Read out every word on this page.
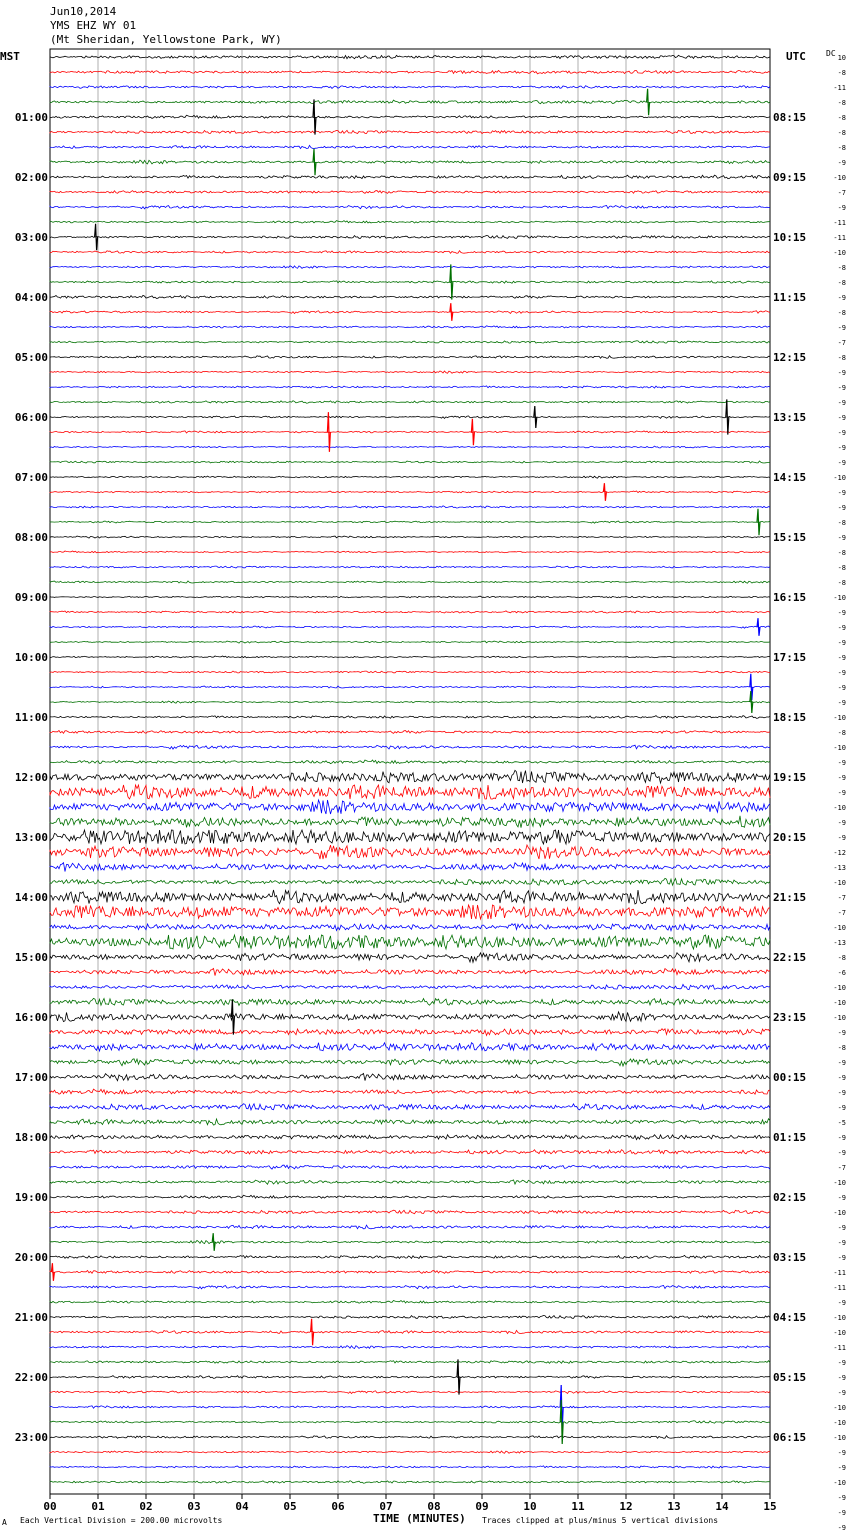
Jun10,2014
YMS EHZ WY 01
(Mt Sheridan, Yellowstone Park, WY)
MST	UTC	DC
01:00
02:00
03:00
04:00
05:00
06:00
07:00
08:00
09:00
10:00
11:00
12:00
13:00
14:00
15:00
16:00
17:00
18:00
19:00
20:00
21:00
22:00
23:00
08:15
09:15
10:15
11:15
12:15
13:15
14:15
15:15
16:15
17:15
18:15
19:15
20:15
21:15
22:15
23:15
00:15
01:15
02:15
03:15
04:15
05:15
06:15
10
-8
-11
-8
-8
-8
-8
-9
-10
-7
-9
-11
-11
-10
-8
-8
-9
-8
-9
-7
-8
-9
-9
-9
-9
-9
-9
-9
-10
-9
-9
-8
-9
-8
-8
-8
-10
-9
-9
-9
-9
-9
-9
-9
-10
-8
-10
-9
-9
-9
-10
-9
-9
-12
-13
-10
-7
-7
-10
-13
-8
-6
-10
-10
-10
-9
-8
-9
-9
-9
-9
-5
-9
-9
-7
-10
-9
-10
-9
-9
-9
-11
-11
-9
-10
-10
-11
-9
-9
-9
-10
-10
-10
-9
-9
-10
-9
-9
-9
00	01	02	03	04	05	06	07	08	09	10	11	12	13	14	15
A Each Vertical Division = 200.00 microvolts	TIME (MINUTES) Traces clipped at plus/minus 5 vertical divisions
